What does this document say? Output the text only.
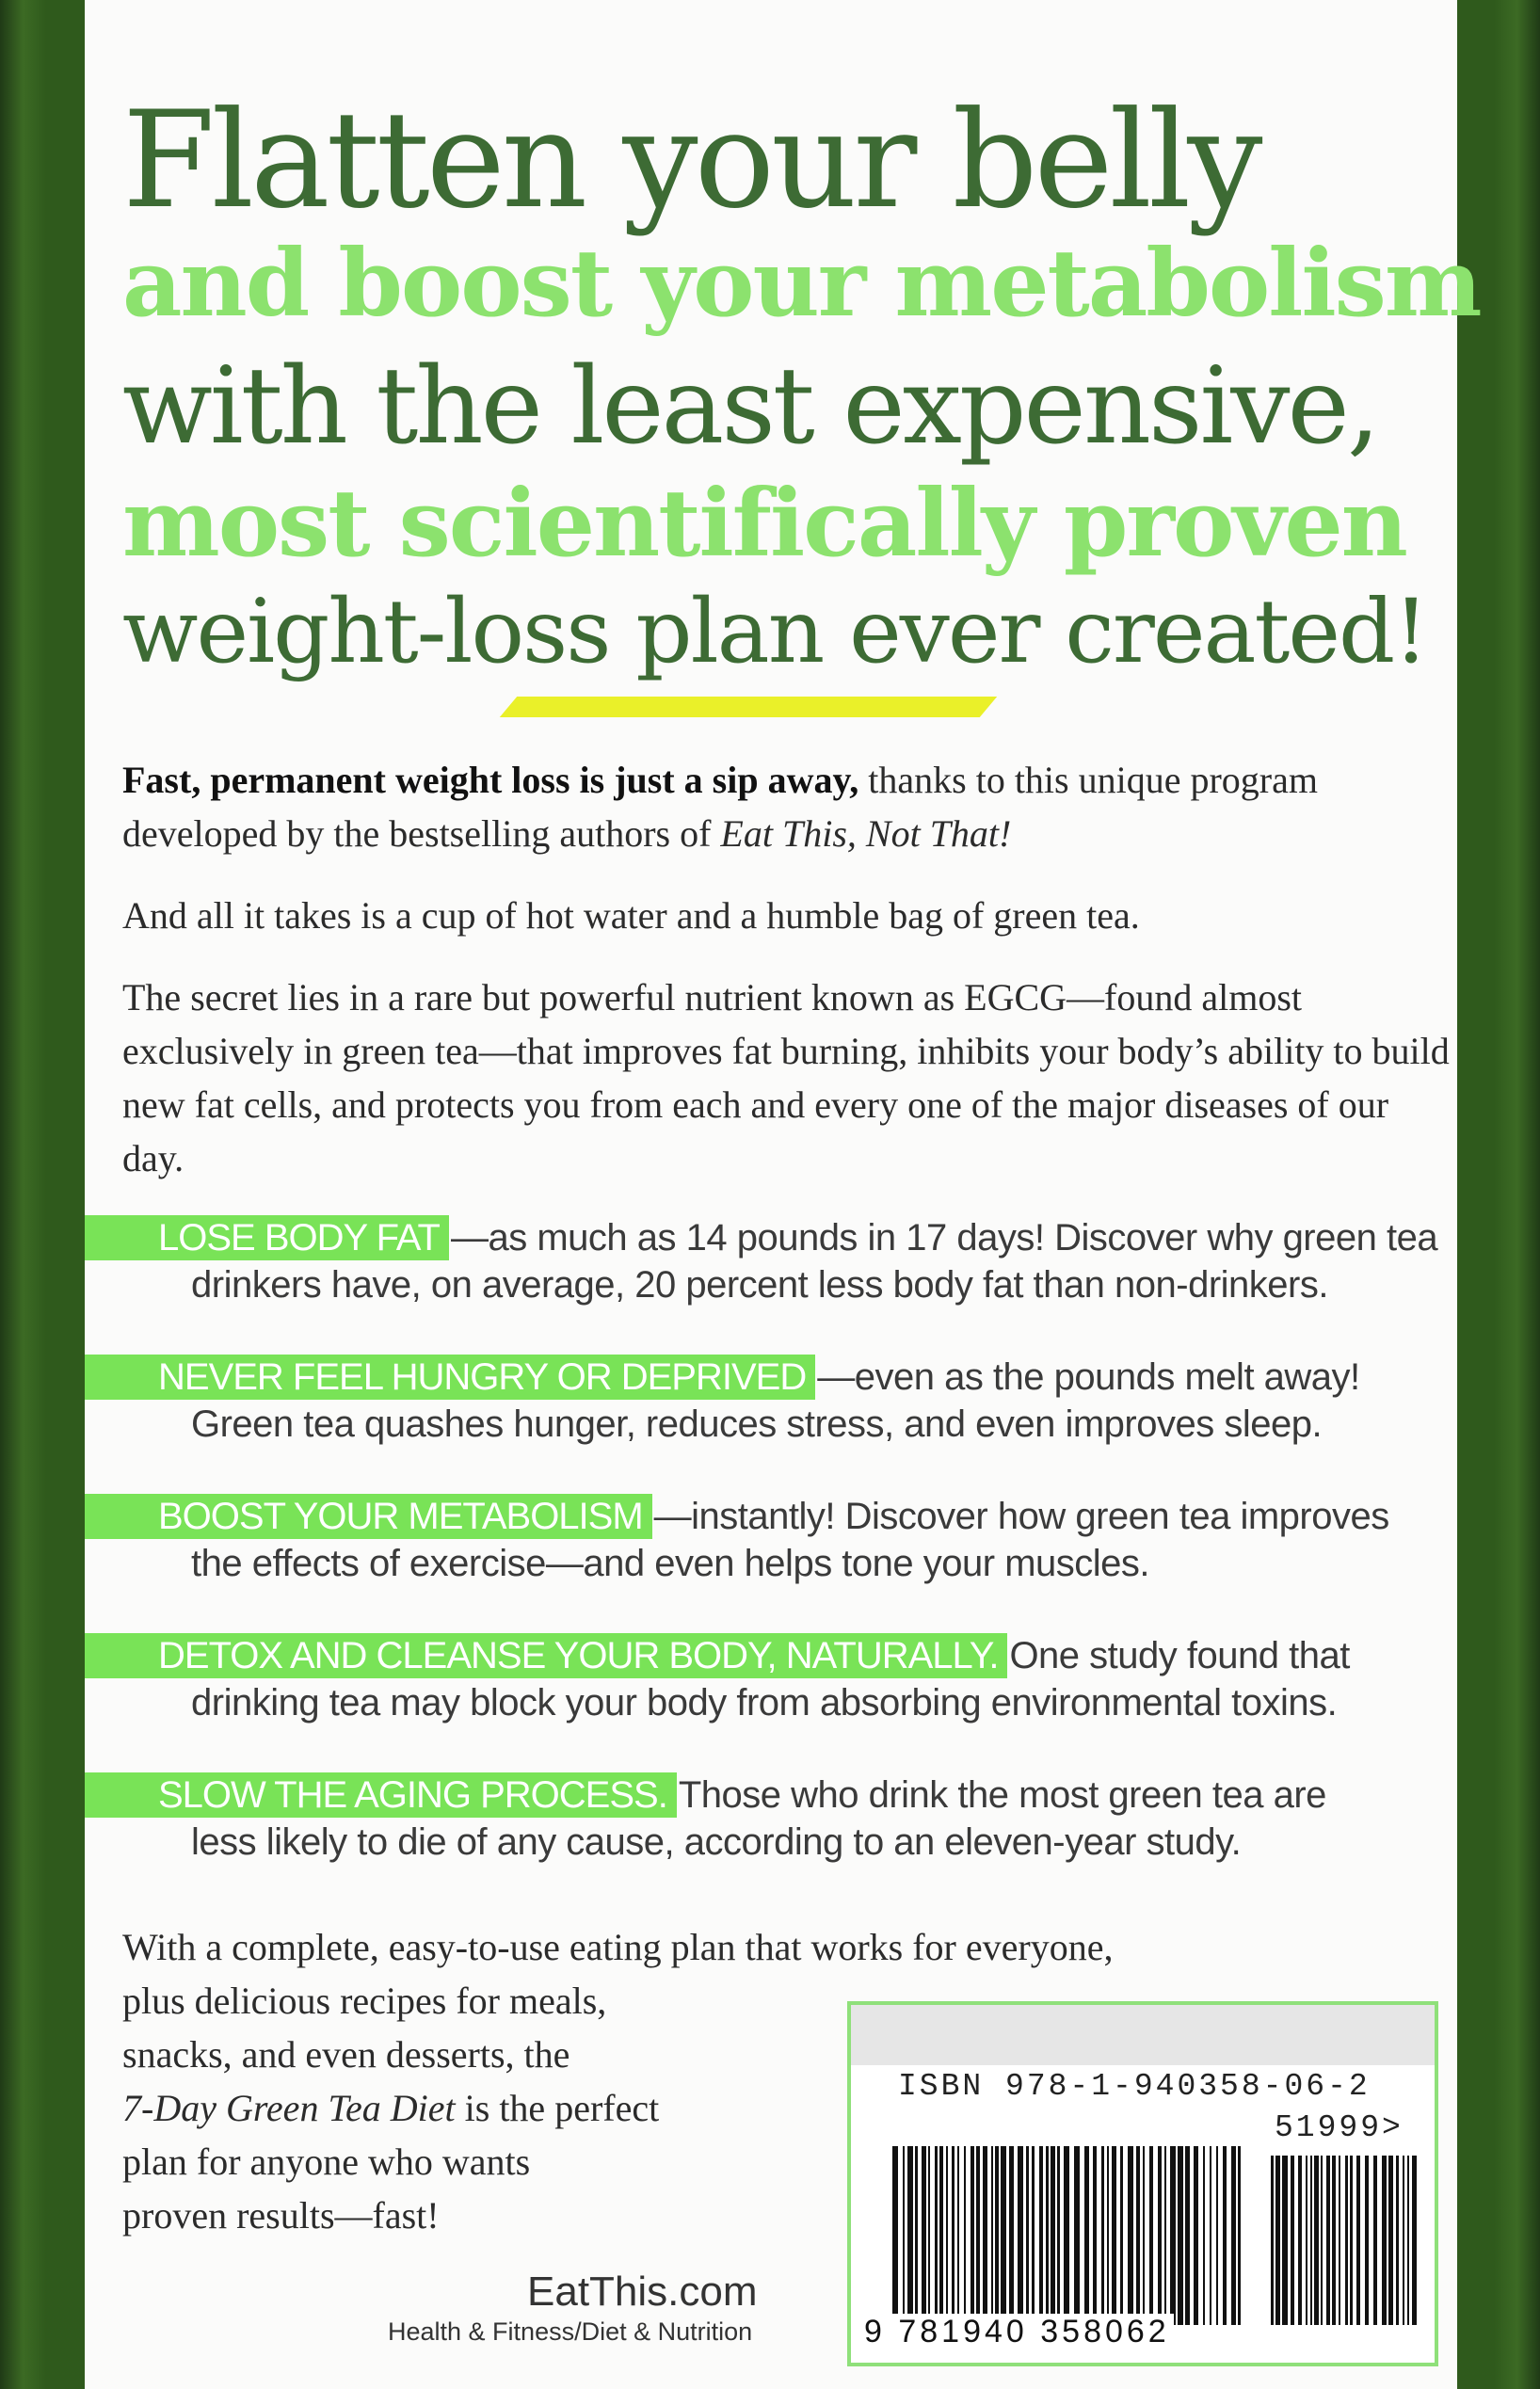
Flatten your belly
and boost your metabolism
with the least expensive,
most scientifically proven
weight-loss plan ever created!

Fast, permanent weight loss is just a sip away, thanks to this unique program developed by the bestselling authors of Eat This, Not That!

And all it takes is a cup of hot water and a humble bag of green tea.

The secret lies in a rare but powerful nutrient known as EGCG—found almost exclusively in green tea—that improves fat burning, inhibits your body’s ability to build new fat cells, and protects you from each and every one of the major diseases of our day.

LOSE BODY FAT —as much as 14 pounds in 17 days! Discover why green tea
drinkers have, on average, 20 percent less body fat than non-drinkers.
NEVER FEEL HUNGRY OR DEPRIVED —even as the pounds melt away!
Green tea quashes hunger, reduces stress, and even improves sleep.
BOOST YOUR METABOLISM —instantly! Discover how green tea improves
the effects of exercise—and even helps tone your muscles.
DETOX AND CLEANSE YOUR BODY, NATURALLY. One study found that
drinking tea may block your body from absorbing environmental toxins.
SLOW THE AGING PROCESS. Those who drink the most green tea are
less likely to die of any cause, according to an eleven-year study.
With a complete, easy-to-use eating plan that works for everyone,
plus delicious recipes for meals,
snacks, and even desserts, the
7-Day Green Tea Diet is the perfect
plan for anyone who wants
proven results—fast!
ISBN 978-1-940358-06-2
51999>
9 781940 358062
EatThis.com
Health & Fitness/Diet & Nutrition
